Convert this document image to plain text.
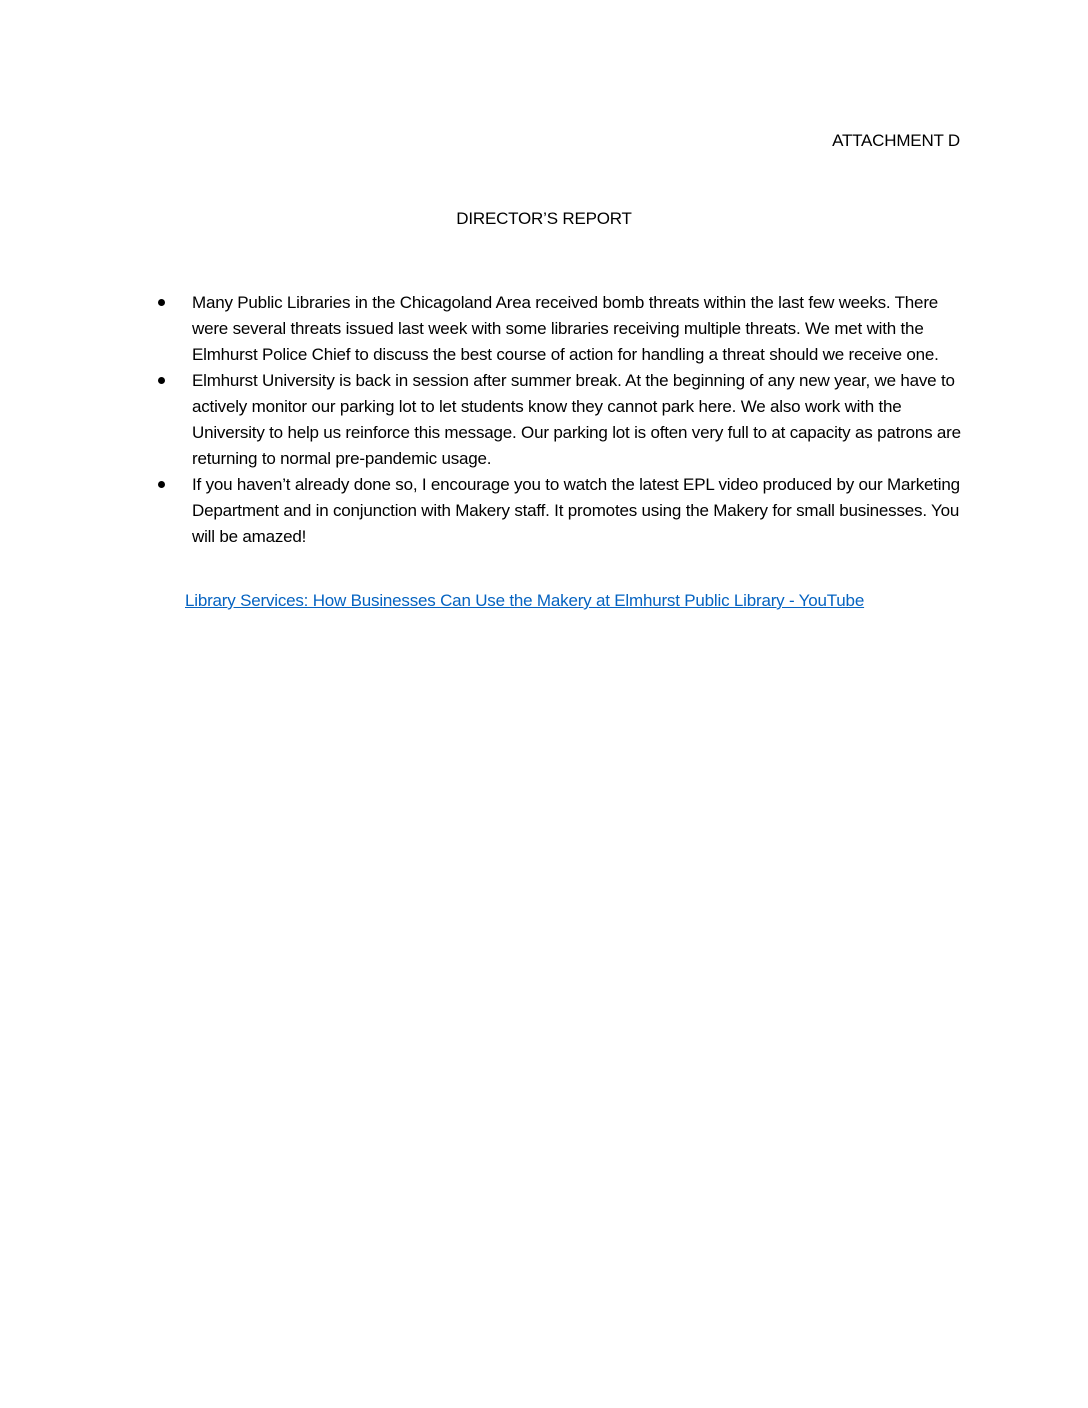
ATTACHMENT D
DIRECTOR’S REPORT
Many Public Libraries in the Chicagoland Area received bomb threats within the last few weeks. There were several threats issued last week with some libraries receiving multiple threats. We met with the Elmhurst Police Chief to discuss the best course of action for handling a threat should we receive one.
Elmhurst University is back in session after summer break. At the beginning of any new year, we have to actively monitor our parking lot to let students know they cannot park here. We also work with the University to help us reinforce this message. Our parking lot is often very full to at capacity as patrons are returning to normal pre-pandemic usage.
If you haven’t already done so, I encourage you to watch the latest EPL video produced by our Marketing Department and in conjunction with Makery staff. It promotes using the Makery for small businesses. You will be amazed!
Library Services: How Businesses Can Use the Makery at Elmhurst Public Library - YouTube
